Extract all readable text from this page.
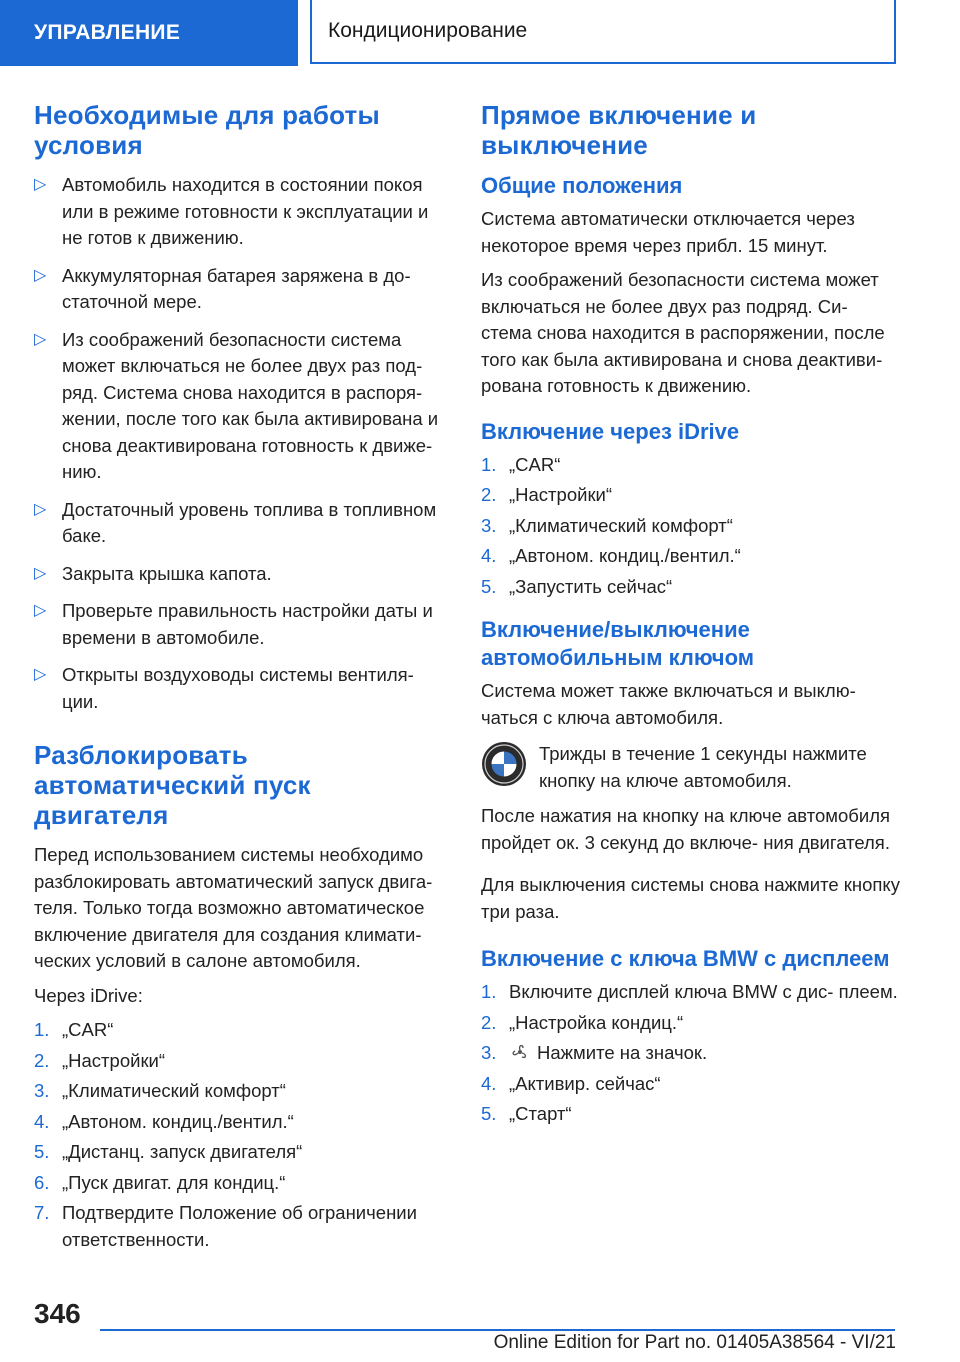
УПРАВЛЕНИЕ	Кондиционирование
Необходимые для работы условия
▷ Автомобиль находится в состоянии покоя или в режиме готовности к эксплуатации и не готов к движению.
▷ Аккумуляторная батарея заряжена в до- статочной мере.
▷ Из соображений безопасности система может включаться не более двух раз под- ряд. Система снова находится в распоря- жении, после того как была активирована и снова деактивирована готовность к движе- нию.
▷ Достаточный уровень топлива в топливном баке.
▷ Закрыта крышка капота.
▷ Проверьте правильность настройки даты и времени в автомобиле.
▷ Открыты воздуховоды системы вентиля- ции.
Разблокировать автоматический пуск двигателя

Перед использованием системы необходимо разблокировать автоматический запуск двига- теля. Только тогда возможно автоматическое включение двигателя для создания климати- ческих условий в салоне автомобиля.

Через iDrive:

1. „CAR“
2. „Настройки“
3. „Климатический комфорт“
4. „Автоном. кондиц./вентил.“
5. „Дистанц. запуск двигателя“
6. „Пуск двигат. для кондиц.“
7. Подтвердите Положение об ограничении ответственности.
Прямое включение и выключение
Общие положения

Система автоматически отключается через некоторое время через прибл. 15 минут.

Из соображений безопасности система может включаться не более двух раз подряд. Си- стема снова находится в распоряжении, после того как была активирована и снова деактиви- рована готовность к движению.

Включение через iDrive
1. „CAR“
2. „Настройки“
3. „Климатический комфорт“
4. „Автоном. кондиц./вентил.“
5. „Запустить сейчас“
Включение/выключение автомобильным ключом

Система может также включаться и выклю- чаться с ключа автомобиля.

Трижды в течение 1 секунды нажмите кнопку на ключе автомобиля.

После нажатия на кнопку на ключе автомобиля пройдет ок. 3 секунд до включе- ния двигателя.

Для выключения системы снова нажмите кнопку три раза.

Включение с ключа BMW с дисплеем
1. Включите дисплей ключа BMW с дис- плеем.
2. „Настройка кондиц.“
3. Нажмите на значок.
4. „Активир. сейчас“
5. „Старт“
346
Online Edition for Part no. 01405A38564 - VI/21
